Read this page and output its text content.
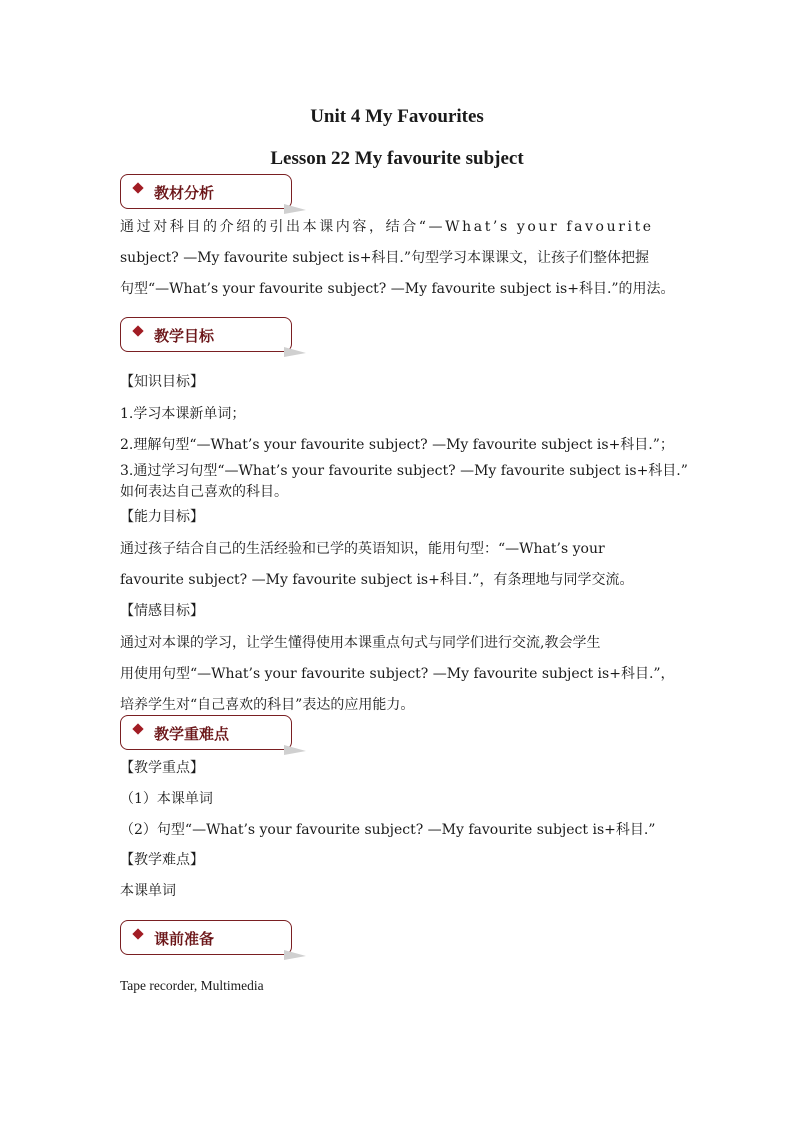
Unit 4 My Favourites
Lesson 22 My favourite subject
教材分析
通过对科目的介绍的引出本课内容，结合“—What’s your favourite
subject? —My favourite subject is+科目.”句型学习本课课文，让孩子们整体把握
句型“—What’s your favourite subject? —My favourite subject is+科目.”的用法。
教学目标
【知识目标】
1.学习本课新单词；
2.理解句型“—What’s your favourite subject? —My favourite subject is+科目.”；
3.通过学习句型“—What’s your favourite subject? —My favourite subject is+科目.”
如何表达自己喜欢的科目。
【能力目标】
通过孩子结合自己的生活经验和已学的英语知识，能用句型：“—What’s your
favourite subject? —My favourite subject is+科目.”，有条理地与同学交流。
【情感目标】
通过对本课的学习，让学生懂得使用本课重点句式与同学们进行交流,教会学生
用使用句型“—What’s your favourite subject? —My favourite subject is+科目.”，
培养学生对“自己喜欢的科目”表达的应用能力。
教学重难点
【教学重点】
（1）本课单词
（2）句型“—What’s your favourite subject? —My favourite subject is+科目.”
【教学难点】
本课单词
课前准备
Tape recorder, Multimedia
